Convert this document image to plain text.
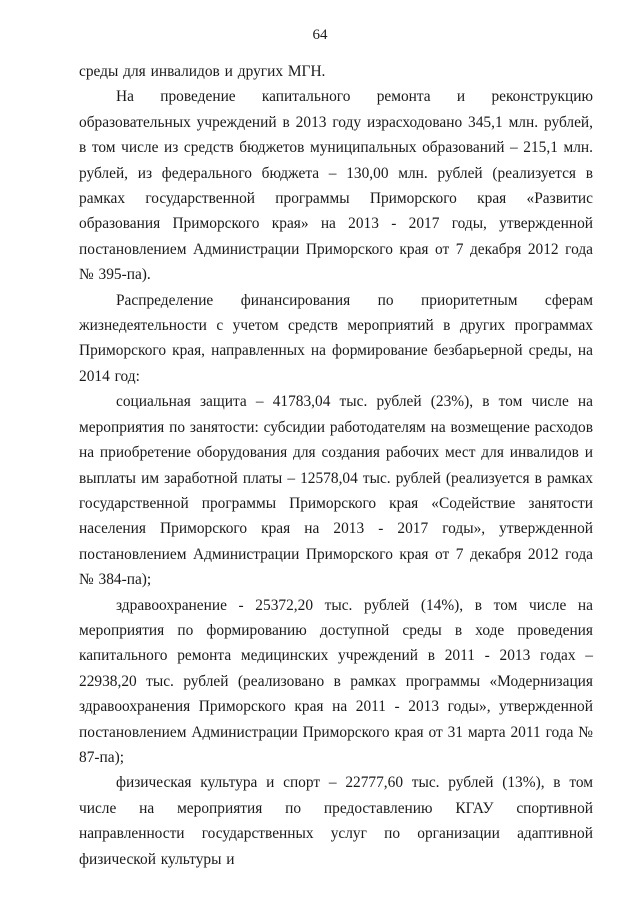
64

среды для инвалидов и других МГН.

На проведение капитального ремонта и реконструкцию образовательных учреждений в 2013 году израсходовано 345,1 млн. рублей, в том числе из средств бюджетов муниципальных образований – 215,1 млн. рублей, из федерального бюджета – 130,00 млн. рублей (реализуется в рамках государственной программы Приморского края «Развитис образования Приморского края» на 2013 - 2017 годы, утвержденной постановлением Администрации Приморского края от 7 декабря 2012 года № 395-па).

Распределение финансирования по приоритетным сферам жизнедеятельности с учетом средств мероприятий в других программах Приморского края, направленных на формирование безбарьерной среды, на 2014 год:

социальная защита – 41783,04 тыс. рублей (23%), в том числе на мероприятия по занятости: субсидии работодателям на возмещение расходов на приобретение оборудования для создания рабочих мест для инвалидов и выплаты им заработной платы – 12578,04 тыс. рублей (реализуется в рамках государственной программы Приморского края «Содействие занятости населения Приморского края на 2013 - 2017 годы», утвержденной постановлением Администрации Приморского края от 7 декабря 2012 года № 384-па);

здравоохранение - 25372,20 тыс. рублей (14%), в том числе на мероприятия по формированию доступной среды в ходе проведения капитального ремонта медицинских учреждений в 2011 - 2013 годах – 22938,20 тыс. рублей (реализовано в рамках программы «Модернизация здравоохранения Приморского края на 2011 - 2013 годы», утвержденной постановлением Администрации Приморского края от 31 марта 2011 года № 87-па);

физическая культура и спорт – 22777,60 тыс. рублей (13%), в том числе на мероприятия по предоставлению КГАУ спортивной направленности государственных услуг по организации адаптивной физической культуры и
